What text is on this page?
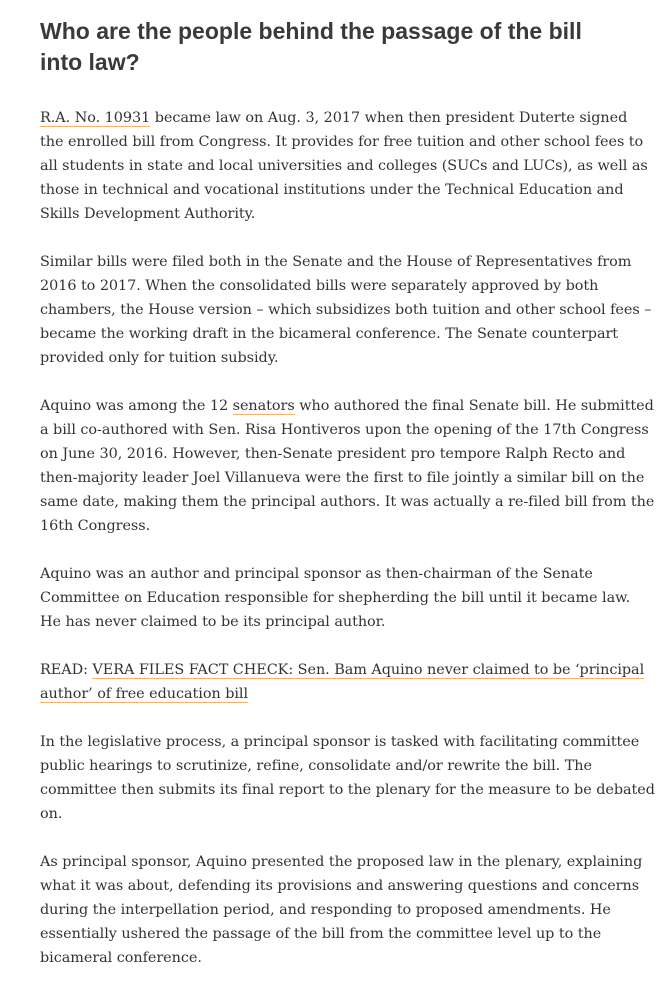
Who are the people behind the passage of the bill into law?

R.A. No. 10931 became law on Aug. 3, 2017 when then president Duterte signed the enrolled bill from Congress. It provides for free tuition and other school fees to all students in state and local universities and colleges (SUCs and LUCs), as well as those in technical and vocational institutions under the Technical Education and Skills Development Authority.

Similar bills were filed both in the Senate and the House of Representatives from 2016 to 2017. When the consolidated bills were separately approved by both chambers, the House version – which subsidizes both tuition and other school fees – became the working draft in the bicameral conference. The Senate counterpart provided only for tuition subsidy.

Aquino was among the 12 senators who authored the final Senate bill. He submitted a bill co-authored with Sen. Risa Hontiveros upon the opening of the 17th Congress on June 30, 2016. However, then-Senate president pro tempore Ralph Recto and then-majority leader Joel Villanueva were the first to file jointly a similar bill on the same date, making them the principal authors. It was actually a re-filed bill from the 16th Congress.

Aquino was an author and principal sponsor as then-chairman of the Senate Committee on Education responsible for shepherding the bill until it became law. He has never claimed to be its principal author.

READ: VERA FILES FACT CHECK: Sen. Bam Aquino never claimed to be ‘principal author’ of free education bill

In the legislative process, a principal sponsor is tasked with facilitating committee public hearings to scrutinize, refine, consolidate and/or rewrite the bill. The committee then submits its final report to the plenary for the measure to be debated on.

As principal sponsor, Aquino presented the proposed law in the plenary, explaining what it was about, defending its provisions and answering questions and concerns during the interpellation period, and responding to proposed amendments. He essentially ushered the passage of the bill from the committee level up to the bicameral conference.
